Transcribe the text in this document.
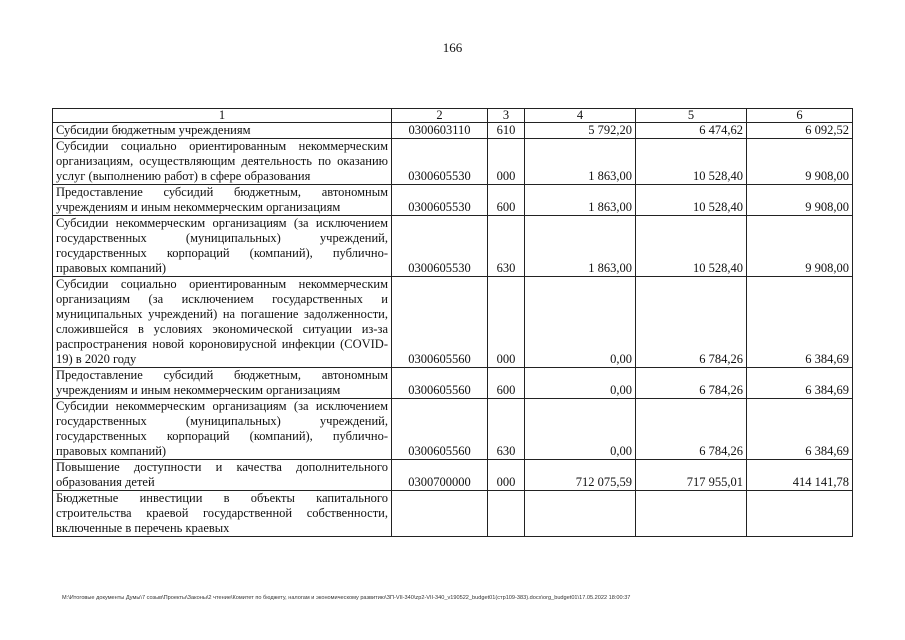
166
1	2	3	4	5	6
Субсидии бюджетным учреждениям	0300603110	610	5 792,20	6 474,62	6 092,52
Субсидии социально ориентированным некоммерческим организациям, осуществляющим деятельность по оказанию услуг (выполнению работ) в сфере образования	0300605530	000	1 863,00	10 528,40	9 908,00
Предоставление субсидий бюджетным, автономным учреждениям и иным некоммерческим организациям	0300605530	600	1 863,00	10 528,40	9 908,00
Субсидии некоммерческим организациям (за исключением государственных (муниципальных) учреждений, государственных корпораций (компаний), публично-правовых компаний)	0300605530	630	1 863,00	10 528,40	9 908,00
Субсидии социально ориентированным некоммерческим организациям (за исключением государственных и муниципальных учреждений) на погашение задолженности, сложившейся в условиях экономической ситуации из-за распространения новой короновирусной инфекции (COVID-19) в 2020 году	0300605560	000	0,00	6 784,26	6 384,69
Предоставление субсидий бюджетным, автономным учреждениям и иным некоммерческим организациям	0300605560	600	0,00	6 784,26	6 384,69
Субсидии некоммерческим организациям (за исключением государственных (муниципальных) учреждений, государственных корпораций (компаний), публично-правовых компаний)	0300605560	630	0,00	6 784,26	6 384,69
Повышение доступности и качества дополнительного образования детей	0300700000	000	712 075,59	717 955,01	414 141,78
Бюджетные инвестиции в объекты капитального строительства краевой государственной собственности, включенные в перечень краевых					
M:\Итоговые документы Думы\7 созыв\Проекты\Законы\2 чтение\Комитет по бюджету, налогам и экономическому развитию\ЗП-VII-340\zp2-VII-340_v190522_budget01(стр109-383).docx\org_budget01\17.05.2022 18:00:37
